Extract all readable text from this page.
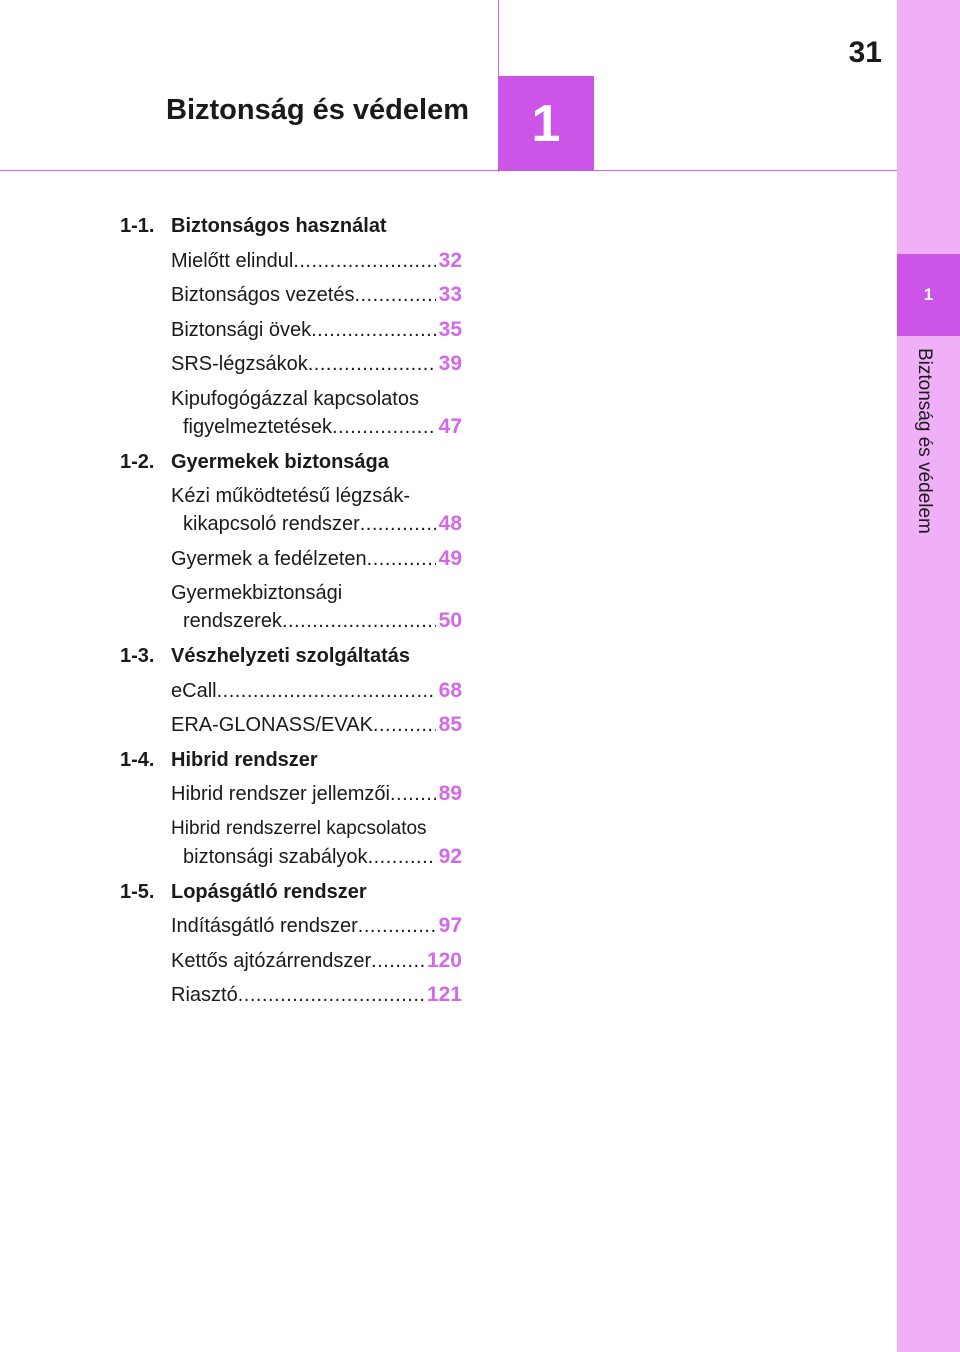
1
Biztonság és védelem
31
1
Biztonság és védelem
1-1. Biztonságos használat
Mielőtt elindul .....	32
Biztonságos vezetés .....	33
Biztonsági övek .....	35
SRS-légzsákok .....	39
Kipufogógázzal kapcsolatos
figyelmeztetések .....	47
1-2. Gyermekek biztonsága
Kézi működtetésű légzsák-
kikapcsoló rendszer .....	48
Gyermek a fedélzeten .....	49
Gyermekbiztonsági
rendszerek .....	50
1-3. Vészhelyzeti szolgáltatás
eCall .....	68
ERA-GLONASS/EVAK .....	85
1-4. Hibrid rendszer
Hibrid rendszer jellemzői ..... 89
Hibrid rendszerrel kapcsolatos
biztonsági szabályok .....	92
1-5. Lopásgátló rendszer
Indításgátló rendszer .....	97
Kettős ajtózárrendszer .....	120
Riasztó .....	121
